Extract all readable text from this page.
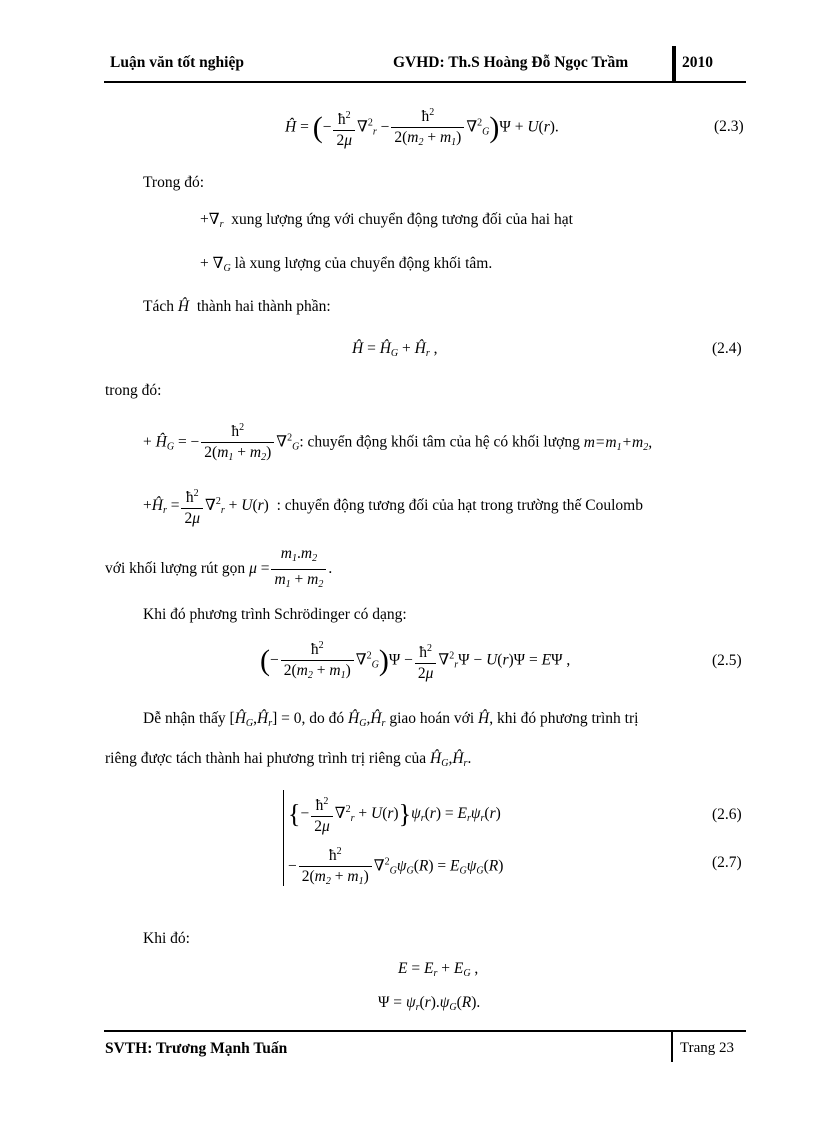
Luận văn tốt nghiệp	GVHD: Th.S Hoàng Đỗ Ngọc Trầm	2010
Ĥ = (− $\frac{ħ^2}{2\mu} \nabla^2_r - \frac{ħ^2}{2(m_2 + m_1)} \nabla^2_G)\Psi + U(r)$.	(2.3)
Trong đó:
$+\nabla_r$ xung lượng ứng với chuyển động tương đối của hai hạt
+ $\nabla_G$ là xung lượng của chuyển động khối tâm.
Tách Ĥ thành hai thành phần:
Ĥ = $Ĥ_G$ + $Ĥ_r$ ,	(2.4)
trong đó:
+ $Ĥ_G$ = − $\frac{ħ^2}{2(m_1 + m_2)} \nabla^2_G$: chuyển động khối tâm của hệ có khối lượng $m=m_1+m_2$,
$+Ĥ_r = \frac{ħ^2}{2\mu} \nabla^2_r + U(r)$  : chuyển động tương đối của hạt trong trường thế Coulomb
với khối lượng rút gọn $\mu = \frac{m_1.m_2}{m_1 + m_2}$ .
Khi đó phương trình Schrödinger có dạng:
(− $\frac{ħ^2}{2(m_2 + m_1)} \nabla^2_G)\Psi - \frac{ħ^2}{2\mu} \nabla^2_r\Psi - U(r)\Psi = E\Psi$ ,	(2.5)
Dễ nhận thấy $[Ĥ_G,Ĥ_r] = 0$, do đó $Ĥ_G,Ĥ_r$ giao hoán với Ĥ, khi đó phương trình trị
riêng được tách thành hai phương trình trị riêng của $Ĥ_G,Ĥ_r$.
{− $\frac{ħ^2}{2\mu} \nabla^2_r + U(r)\}\psi_r(r) = E_r\psi_r(r)$	(2.6)
− $\frac{ħ^2}{2(m_2 + m_1)} \nabla^2_G\psi_G(R) = E_G\psi_G(R)$	(2.7)
Khi đó:
$E = E_r + E_G$ ,
$\Psi = \psi_r(r).\psi_G(R)$.
SVTH: Trương Mạnh Tuấn	Trang 23
